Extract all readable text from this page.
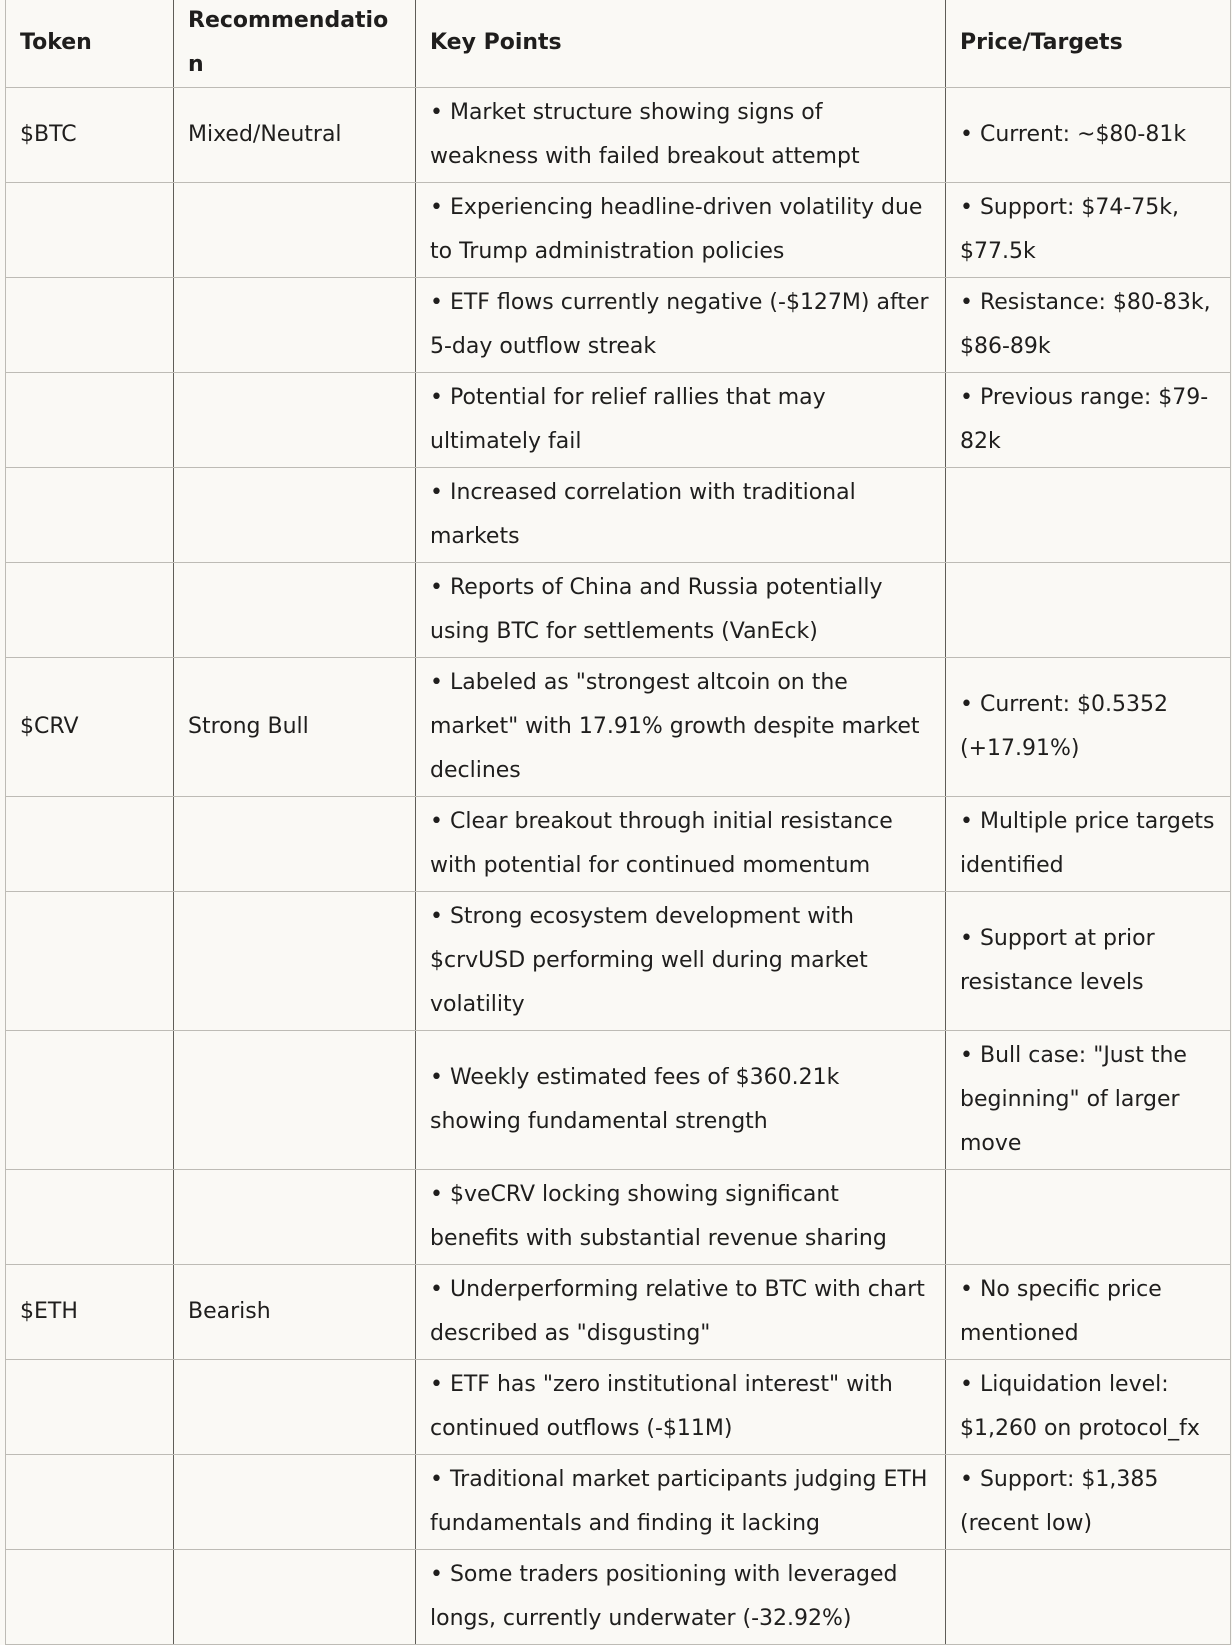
Token	Recommendation	Key Points	Price/Targets
$BTC	Mixed/Neutral	• Market structure showing signs of weakness with failed breakout attempt	• Current: ~$80-81k
		• Experiencing headline-driven volatility due to Trump administration policies	• Support: $74-75k, $77.5k
		• ETF flows currently negative (-$127M) after 5-day outflow streak	• Resistance: $80-83k, $86-89k
		• Potential for relief rallies that may ultimately fail	• Previous range: $79-82k
		• Increased correlation with traditional markets	
		• Reports of China and Russia potentially using BTC for settlements (VanEck)	
$CRV	Strong Bull	• Labeled as "strongest altcoin on the market" with 17.91% growth despite market declines	• Current: $0.5352 (+17.91%)
		• Clear breakout through initial resistance with potential for continued momentum	• Multiple price targets identified
		• Strong ecosystem development with $crvUSD performing well during market volatility	• Support at prior resistance levels
		• Weekly estimated fees of $360.21k showing fundamental strength	• Bull case: "Just the beginning" of larger move
		• $veCRV locking showing significant benefits with substantial revenue sharing	
$ETH	Bearish	• Underperforming relative to BTC with chart described as "disgusting"	• No specific price mentioned
		• ETF has "zero institutional interest" with continued outflows (-$11M)	• Liquidation level: $1,260 on protocol_fx
		• Traditional market participants judging ETH fundamentals and finding it lacking	• Support: $1,385 (recent low)
		• Some traders positioning with leveraged longs, currently underwater (-32.92%)	
